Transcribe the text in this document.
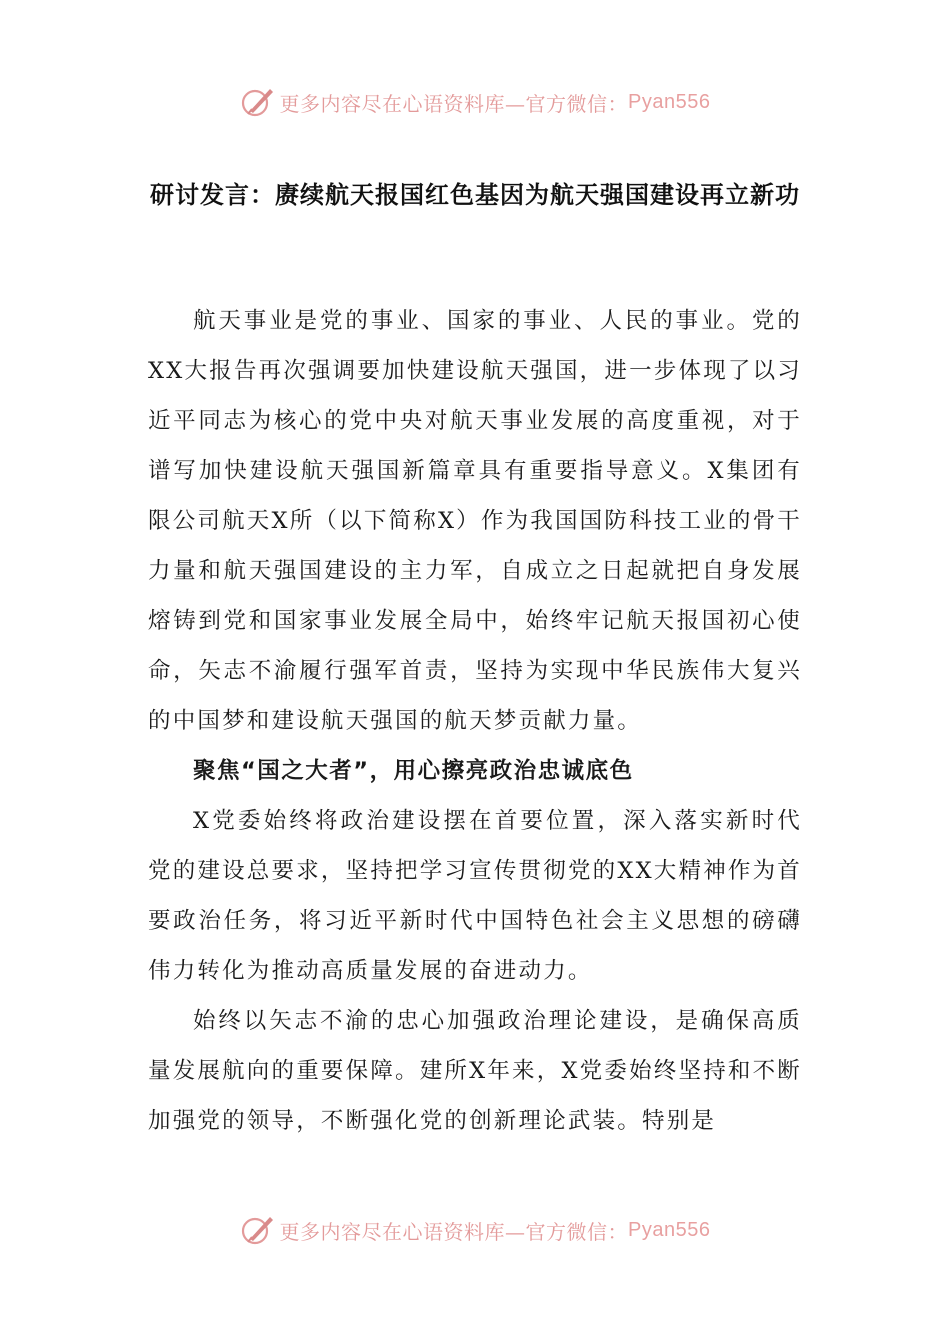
更多内容尽在心语资料库—官方微信： Pyan556
研讨发言：赓续航天报国红色基因为航天强国建设再立新功

航天事业是党的事业、国家的事业、人民的事业。党的XX大报告再次强调要加快建设航天强国，进一步体现了以习近平同志为核心的党中央对航天事业发展的高度重视，对于谱写加快建设航天强国新篇章具有重要指导意义。X集团有限公司航天X所（以下简称X）作为我国国防科技工业的骨干力量和航天强国建设的主力军，自成立之日起就把自身发展熔铸到党和国家事业发展全局中，始终牢记航天报国初心使命，矢志不渝履行强军首责，坚持为实现中华民族伟大复兴的中国梦和建设航天强国的航天梦贡献力量。

聚焦“国之大者”，用心擦亮政治忠诚底色

X党委始终将政治建设摆在首要位置，深入落实新时代党的建设总要求，坚持把学习宣传贯彻党的XX大精神作为首要政治任务，将习近平新时代中国特色社会主义思想的磅礴伟力转化为推动高质量发展的奋进动力。

始终以矢志不渝的忠心加强政治理论建设，是确保高质量发展航向的重要保障。建所X年来，X党委始终坚持和不断加强党的领导，不断强化党的创新理论武装。特别是

更多内容尽在心语资料库—官方微信： Pyan556
